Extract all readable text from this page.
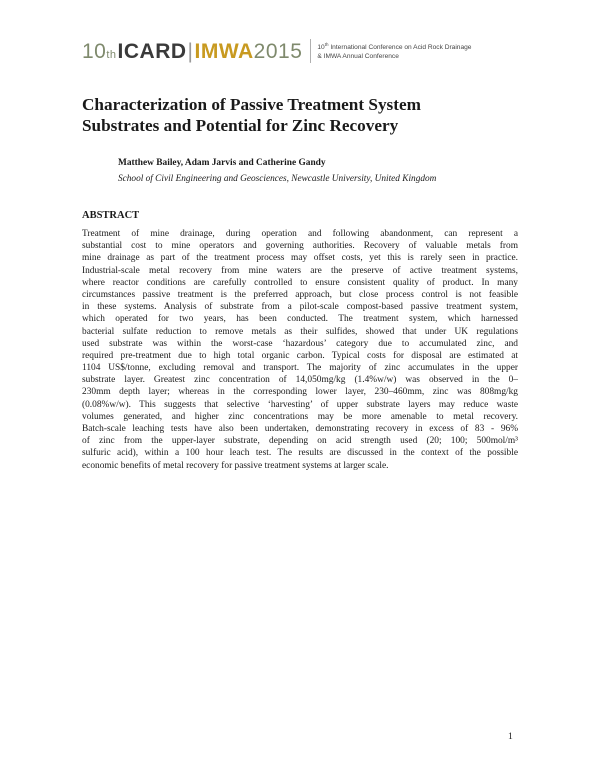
10 th ICARD | IMWA 2015 10th International Conference on Acid Rock Drainage
& IMWA Annual Conference
Characterization of Passive Treatment System
Substrates and Potential for Zinc Recovery
Matthew Bailey, Adam Jarvis and Catherine Gandy
School of Civil Engineering and Geosciences, Newcastle University, United Kingdom
ABSTRACT
Treatment of mine drainage, during operation and following abandonment, can represent a
substantial cost to mine operators and governing authorities. Recovery of valuable metals from
mine drainage as part of the treatment process may offset costs, yet this is rarely seen in practice.
Industrial-scale metal recovery from mine waters are the preserve of active treatment systems,
where reactor conditions are carefully controlled to ensure consistent quality of product. In many
circumstances passive treatment is the preferred approach, but close process control is not feasible
in these systems. Analysis of substrate from a pilot-scale compost-based passive treatment system,
which operated for two years, has been conducted. The treatment system, which harnessed
bacterial sulfate reduction to remove metals as their sulfides, showed that under UK regulations
used substrate was within the worst-case ‘hazardous’ category due to accumulated zinc, and
required pre-treatment due to high total organic carbon. Typical costs for disposal are estimated at
1104 US$/tonne, excluding removal and transport. The majority of zinc accumulates in the upper
substrate layer. Greatest zinc concentration of 14,050mg/kg (1.4%w/w) was observed in the 0–
230mm depth layer; whereas in the corresponding lower layer, 230–460mm, zinc was 808mg/kg
(0.08%w/w). This suggests that selective ‘harvesting’ of upper substrate layers may reduce waste
volumes generated, and higher zinc concentrations may be more amenable to metal recovery.
Batch-scale leaching tests have also been undertaken, demonstrating recovery in excess of 83 - 96%
of zinc from the upper-layer substrate, depending on acid strength used (20; 100; 500mol/m³
sulfuric acid), within a 100 hour leach test. The results are discussed in the context of the possible
economic benefits of metal recovery for passive treatment systems at larger scale.
1
